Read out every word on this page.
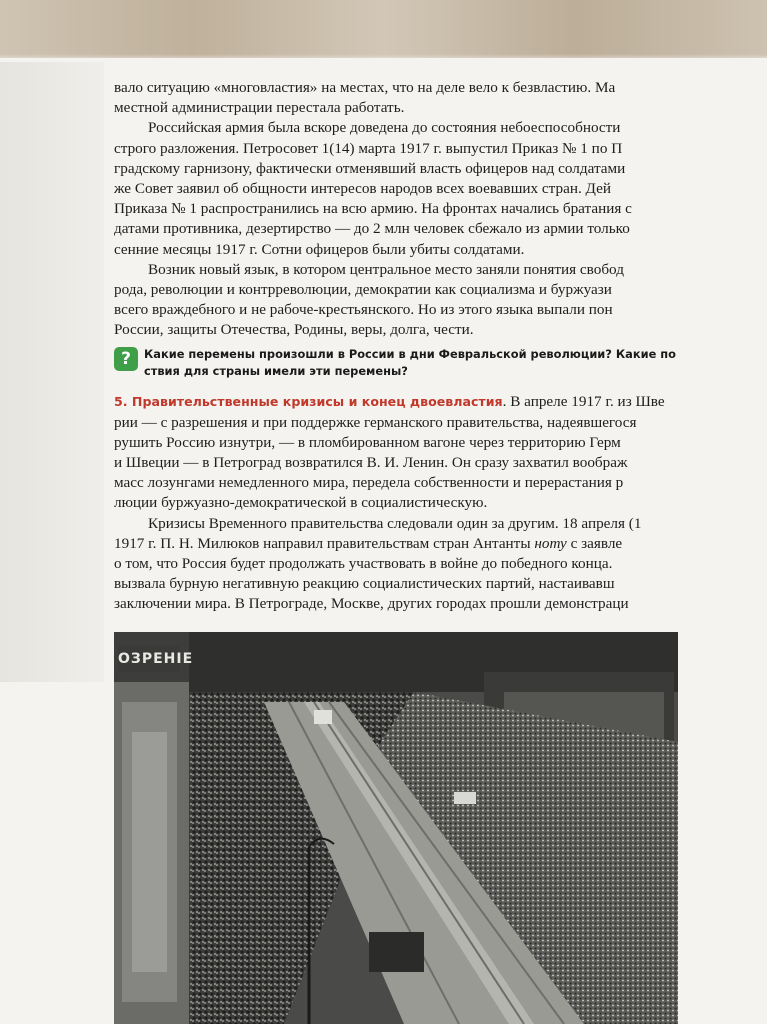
вало ситуацию «многовластия» на местах, что на деле вело к безвластию. Ма
местной администрации перестала работать.
Российская армия была вскоре доведена до состояния небоеспособности
строго разложения. Петросовет 1(14) марта 1917 г. выпустил Приказ № 1 по П
градскому гарнизону, фактически отменявший власть офицеров над солдатами
же Совет заявил об общности интересов народов всех воевавших стран. Дей
Приказа № 1 распространились на всю армию. На фронтах начались братания с
датами противника, дезертирство — до 2 млн человек сбежало из армии только
сенние месяцы 1917 г. Сотни офицеров были убиты солдатами.
Возник новый язык, в котором центральное место заняли понятия свобод
рода, революции и контрреволюции, демократии как социализма и буржуази
всего враждебного и не рабоче-крестьянского. Но из этого языка выпали пон
России, защиты Отечества, Родины, веры, долга, чести.
?	Какие перемены произошли в России в дни Февральской революции? Какие по
ствия для страны имели эти перемены?
5. Правительственные кризисы и конец двоевластия. В апреле 1917 г. из Шве
рии — с разрешения и при поддержке германского правительства, надеявшегося
рушить Россию изнутри, — в пломбированном вагоне через территорию Герм
и Швеции — в Петроград возвратился В. И. Ленин. Он сразу захватил воображ
масс лозунгами немедленного мира, передела собственности и перерастания р
люции буржуазно-демократической в социалистическую.
Кризисы Временного правительства следовали один за другим. 18 апреля (1
1917 г. П. Н. Милюков направил правительствам стран Антанты ноту с заявле
о том, что Россия будет продолжать участвовать в войне до победного конца.
вызвала бурную негативную реакцию социалистических партий, настаивавш
заключении мира. В Петрограде, Москве, других городах прошли демонстраци
ОЗРЕНІЕ
